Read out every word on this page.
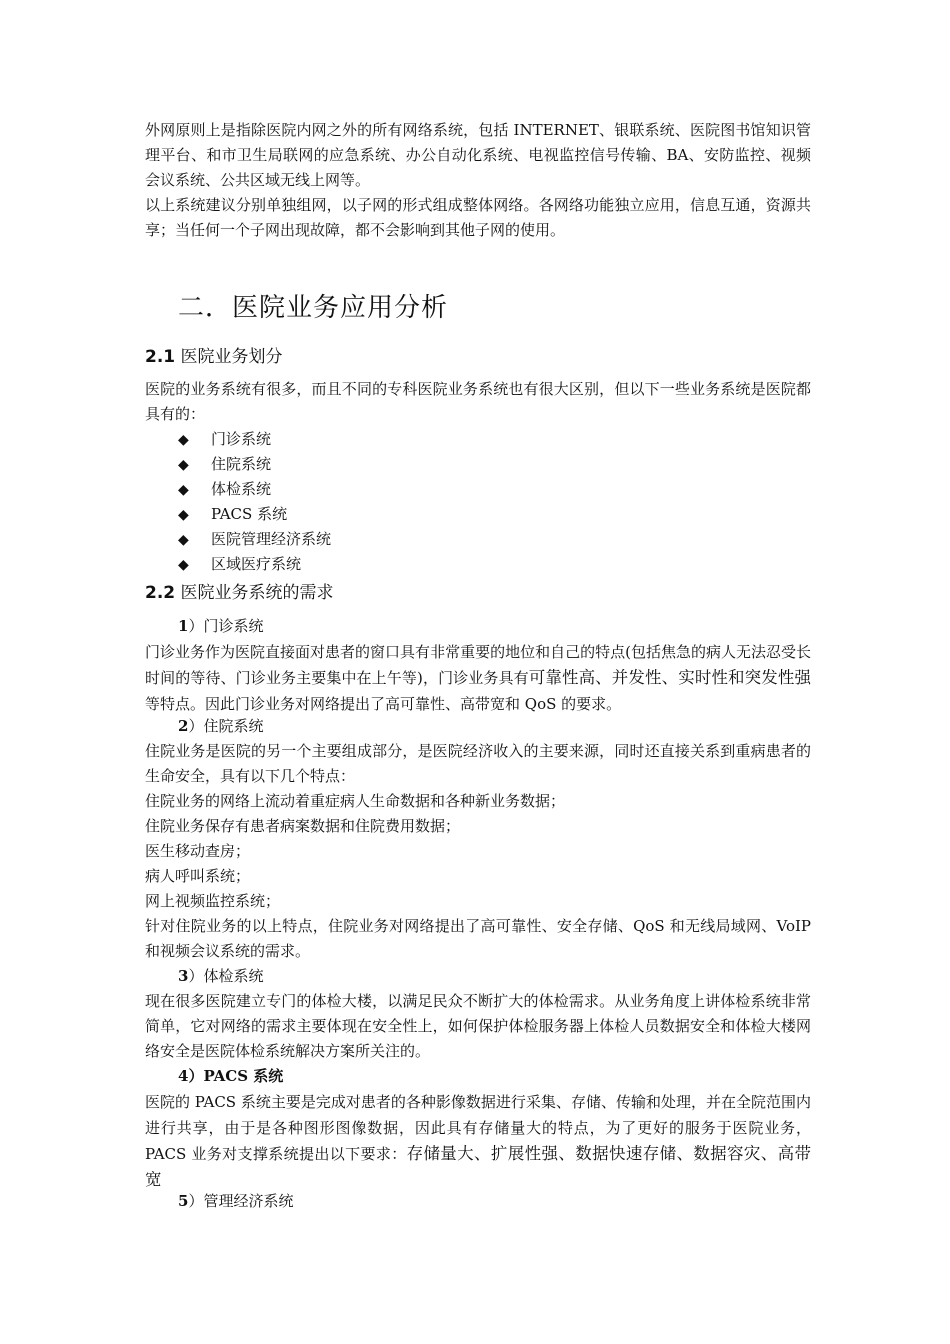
外网原则上是指除医院内网之外的所有网络系统，包括 INTERNET、银联系统、医院图书馆知识管理平台、和市卫生局联网的应急系统、办公自动化系统、电视监控信号传输、BA、安防监控、视频会议系统、公共区域无线上网等。

以上系统建议分别单独组网，以子网的形式组成整体网络。各网络功能独立应用，信息互通，资源共享；当任何一个子网出现故障，都不会影响到其他子网的使用。

二．医院业务应用分析
2.1 医院业务划分

医院的业务系统有很多，而且不同的专科医院业务系统也有很大区别，但以下一些业务系统是医院都具有的：

◆ 门诊系统
◆ 住院系统
◆ 体检系统
◆ PACS 系统
◆ 医院管理经济系统
◆ 区域医疗系统
2.2 医院业务系统的需求
1）门诊系统

门诊业务作为医院直接面对患者的窗口具有非常重要的地位和自己的特点(包括焦急的病人无法忍受长时间的等待、门诊业务主要集中在上午等)，门诊业务具有可靠性高、并发性、实时性和突发性强等特点。因此门诊业务对网络提出了高可靠性、高带宽和 QoS 的要求。

2）住院系统

住院业务是医院的另一个主要组成部分，是医院经济收入的主要来源，同时还直接关系到重病患者的生命安全，具有以下几个特点：

住院业务的网络上流动着重症病人生命数据和各种新业务数据；

住院业务保存有患者病案数据和住院费用数据；

医生移动查房；

病人呼叫系统；

网上视频监控系统；

针对住院业务的以上特点，住院业务对网络提出了高可靠性、安全存储、QoS 和无线局域网、VoIP 和视频会议系统的需求。

3）体检系统

现在很多医院建立专门的体检大楼，以满足民众不断扩大的体检需求。从业务角度上讲体检系统非常简单，它对网络的需求主要体现在安全性上，如何保护体检服务器上体检人员数据安全和体检大楼网络安全是医院体检系统解决方案所关注的。

4）PACS 系统

医院的 PACS 系统主要是完成对患者的各种影像数据进行采集、存储、传输和处理，并在全院范围内进行共享，由于是各种图形图像数据，因此具有存储量大的特点，为了更好的服务于医院业务，PACS 业务对支撑系统提出以下要求：存储量大、扩展性强、数据快速存储、数据容灾、高带宽

5）管理经济系统
